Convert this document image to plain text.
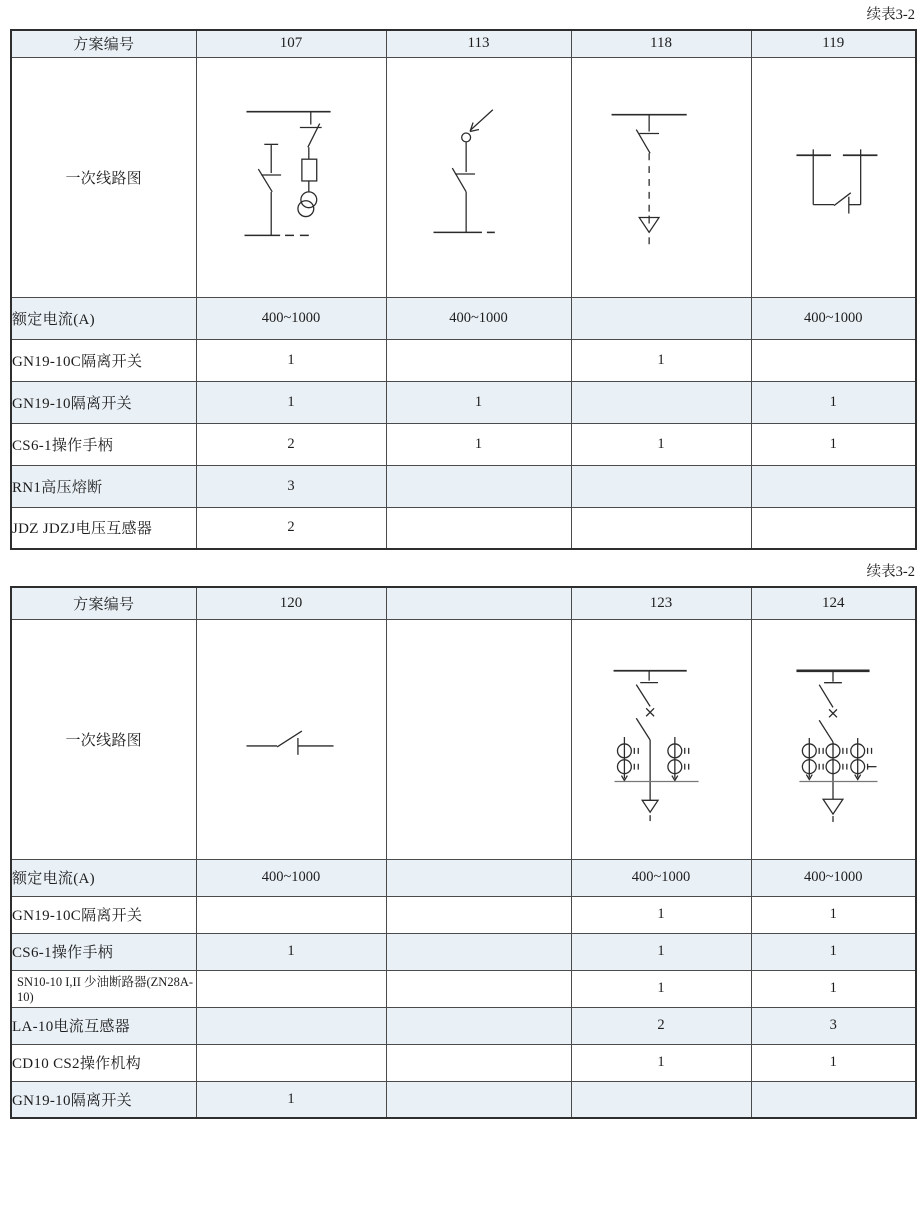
续表3-2
方案编号	107	113	118	119
一次线路图	

额定电流(A)	400~1000	400~1000		400~1000
GN19-10C隔离开关	1		1	
GN19-10隔离开关	1	1		1
CS6-1操作手柄	2	1	1	1
RN1高压熔断	3			
JDZ JDZJ电压互感器	2			
续表3-2
方案编号	120		123	124
一次线路图	

额定电流(A)	400~1000		400~1000	400~1000
GN19-10C隔离开关			1	1
CS6-1操作手柄	1		1	1
SN10-10 I,II 少油断路器(ZN28A-10)			1	1
LA-10电流互感器			2	3
CD10 CS2操作机构			1	1
GN19-10隔离开关	1			
